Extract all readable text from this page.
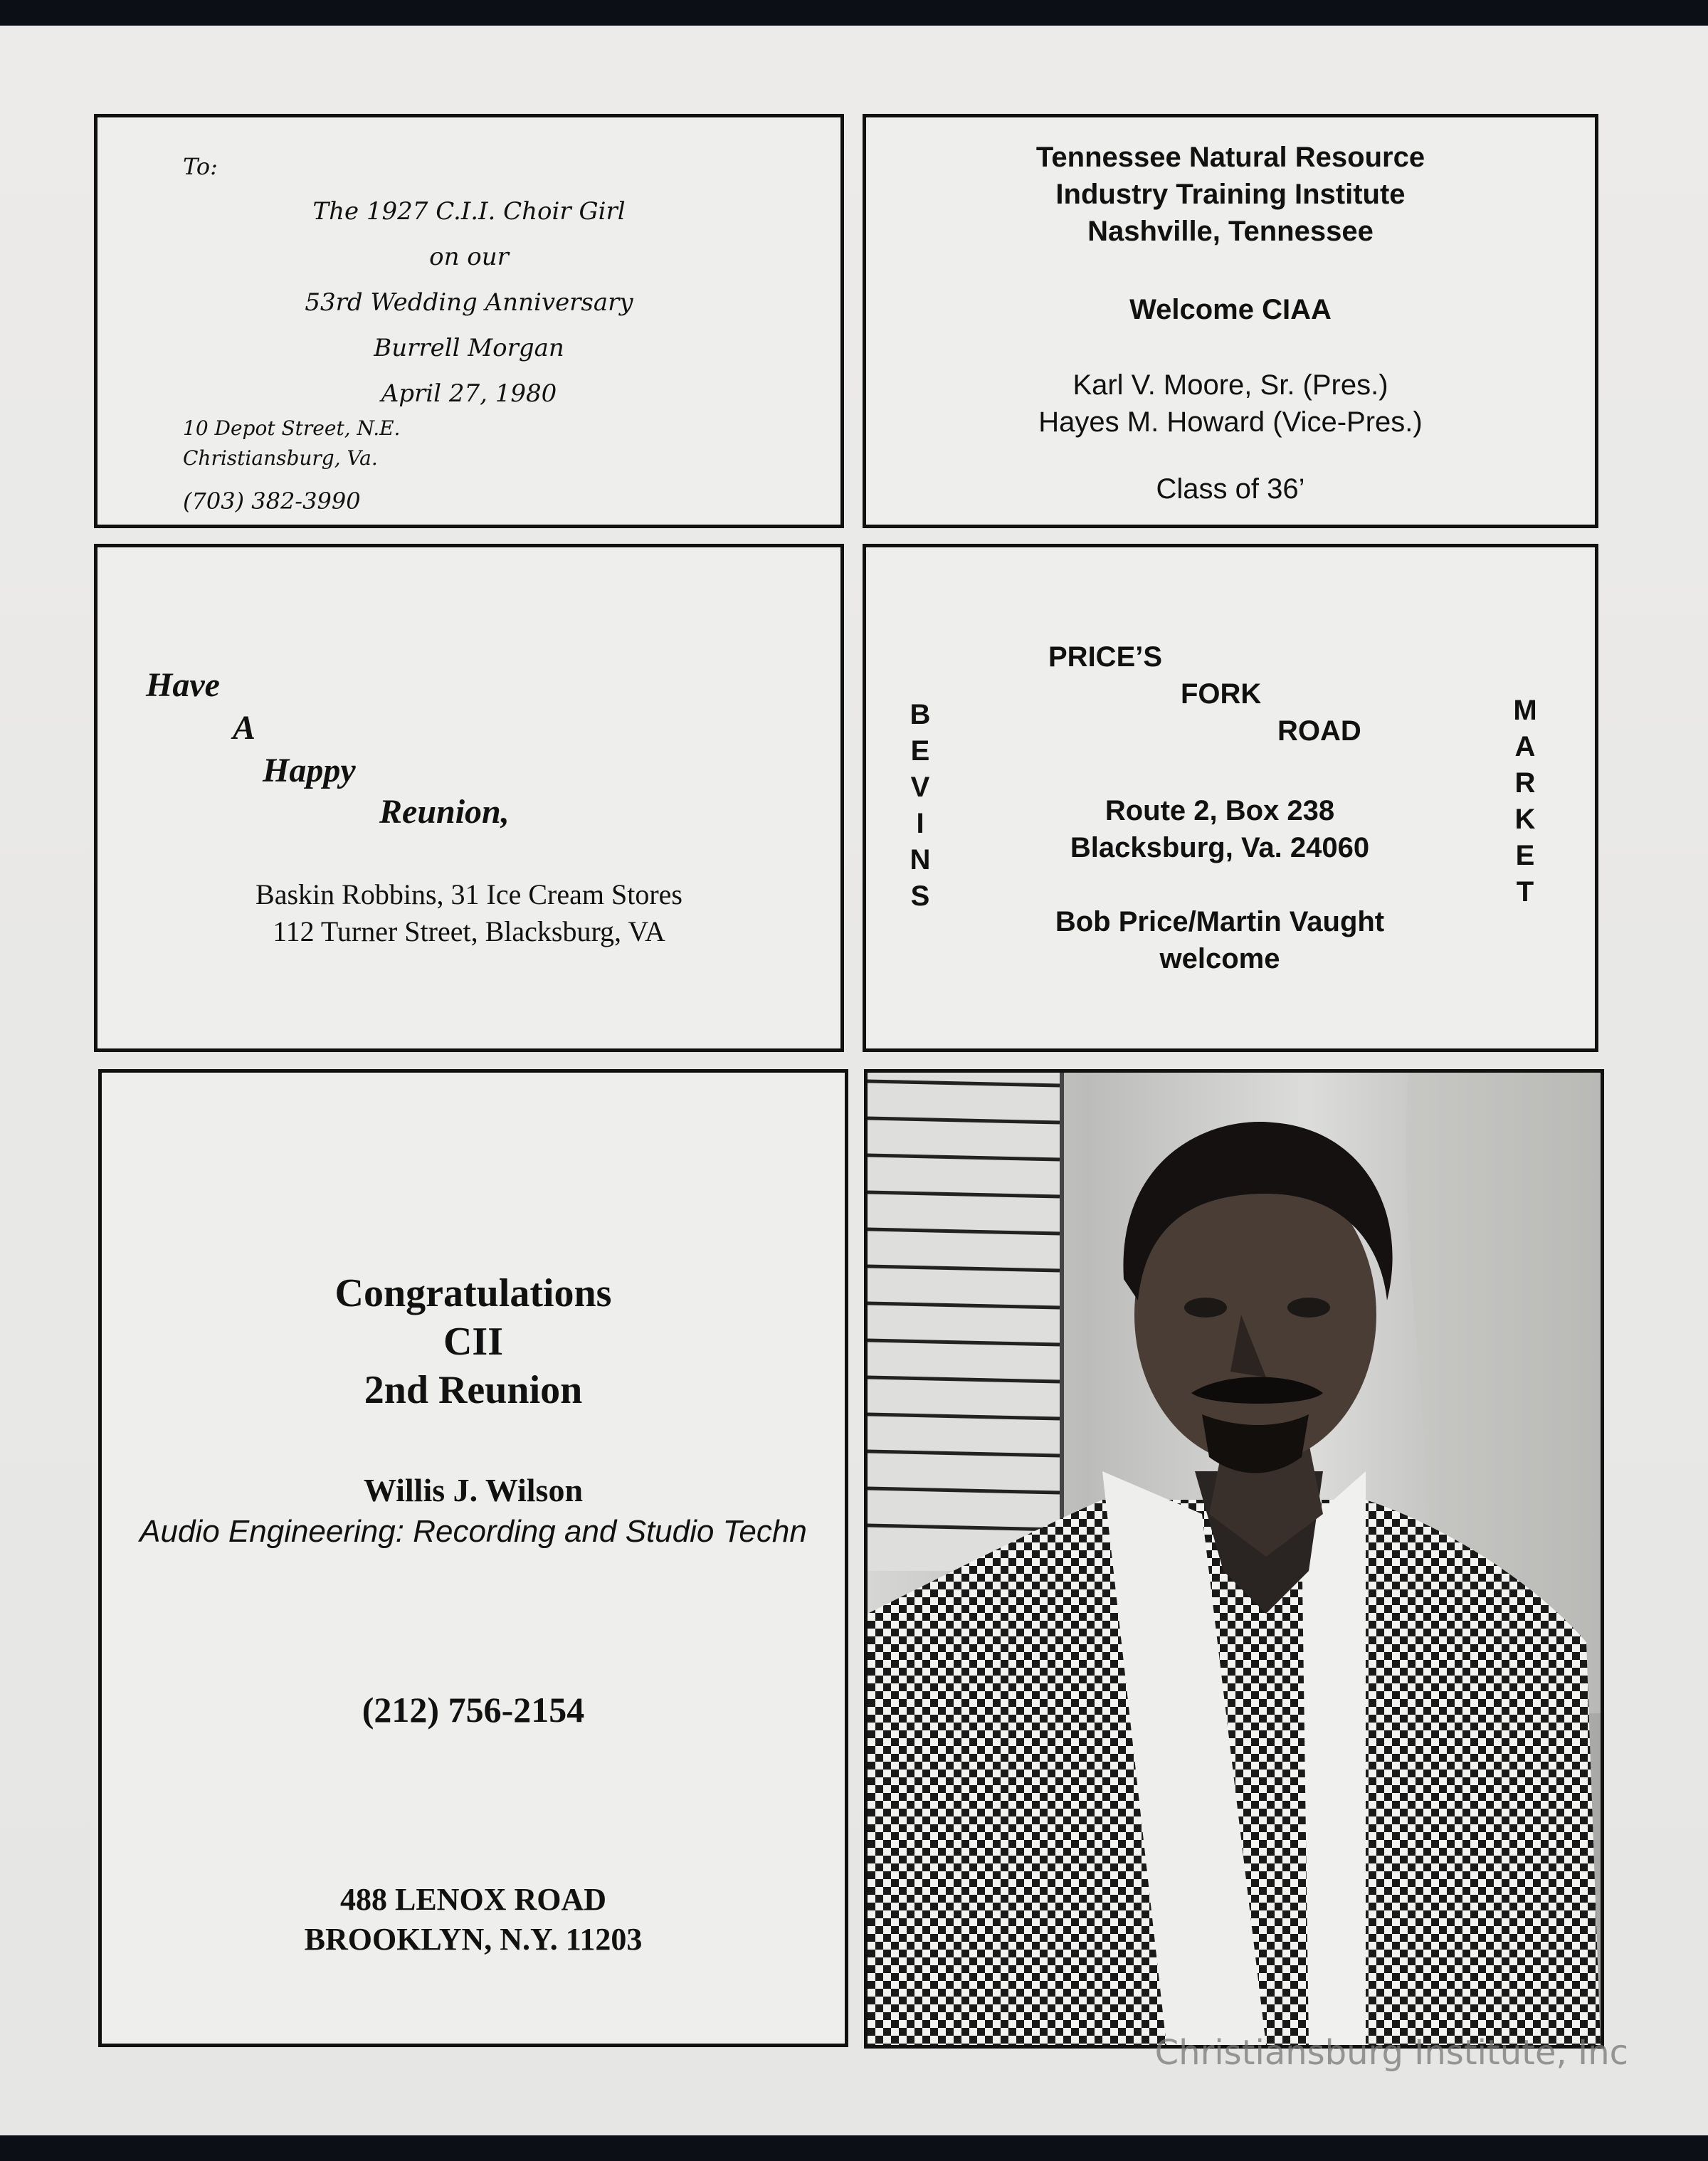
To:
The 1927 C.I.I. Choir Girl
on our
53rd Wedding Anniversary
Burrell Morgan
April 27, 1980
10 Depot Street, N.E.
Christiansburg, Va.
(703) 382-3990
Tennessee Natural Resource
Industry Training Institute
Nashville, Tennessee
Welcome CIAA
Karl V. Moore, Sr. (Pres.)
Hayes M. Howard (Vice-Pres.)
Class of 36’
Have
A
Happy
Reunion,
Baskin Robbins, 31 Ice Cream Stores
112 Turner Street, Blacksburg, VA
PRICE’S
FORK
ROAD
B
E
V
I
N
S
M
A
R
K
E
T
Route 2, Box 238
Blacksburg, Va. 24060
Bob Price/Martin Vaught
welcome
Congratulations
CII
2nd Reunion
Willis J. Wilson
Audio Engineering: Recording and Studio Techn
(212) 756-2154
488 LENOX ROAD
BROOKLYN, N.Y. 11203
Christiansburg Institute, Inc
